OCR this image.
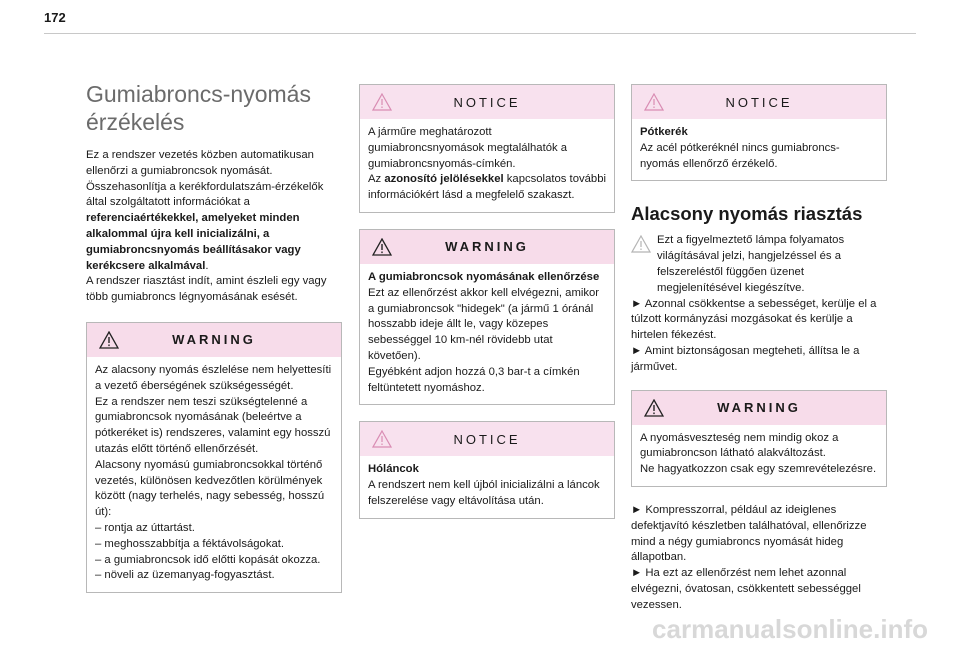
172
Gumiabroncs-nyomás
érzékelés

Ez a rendszer vezetés közben automatikusan ellenőrzi a gumiabroncsok nyomását.
Összehasonlítja a kerékfordulatszám-érzékelők által szolgáltatott információkat a referenciaértékekkel, amelyeket minden alkalommal újra kell inicializálni, a gumiabroncsnyomás beállításakor vagy kerékcsere alkalmával.
A rendszer riasztást indít, amint észleli egy vagy több gumiabroncs légnyomásának esését.

WARNING
Az alacsony nyomás észlelése nem helyettesíti a vezető éberségének szükségességét.
Ez a rendszer nem teszi szükségtelenné a gumiabroncsok nyomásának (beleértve a pótkeréket is) rendszeres, valamint egy hosszú utazás előtt történő ellenőrzését.
Alacsony nyomású gumiabroncsokkal történő vezetés, különösen kedvezőtlen körülmények között (nagy terhelés, nagy sebesség, hosszú út):
– rontja az úttartást.
– meghosszabbítja a féktávolságokat.
– a gumiabroncsok idő előtti kopását okozza.
– növeli az üzemanyag-fogyasztást.
NOTICE
A járműre meghatározott gumiabroncsnyomások megtalálhatók a gumiabroncsnyomás-címkén.
Az azonosító jelölésekkel kapcsolatos további információkért lásd a megfelelő szakaszt.
WARNING
A gumiabroncsok nyomásának ellenőrzése
Ezt az ellenőrzést akkor kell elvégezni, amikor a gumiabroncsok "hidegek" (a jármű 1 óránál hosszabb ideje állt le, vagy közepes sebességgel 10 km-nél rövidebb utat követően).
Egyébként adjon hozzá 0,3 bar-t a címkén feltüntetett nyomáshoz.
NOTICE
Hóláncok
A rendszert nem kell újból inicializálni a láncok felszerelése vagy eltávolítása után.
NOTICE
Pótkerék
Az acél pótkeréknél nincs gumiabroncs-nyomás ellenőrző érzékelő.
Alacsony nyomás riasztás
Ezt a figyelmeztető lámpa folyamatos világításával jelzi, hangjelzéssel és a felszereléstől függően üzenet megjelenítésével kiegészítve.
► Azonnal csökkentse a sebességet, kerülje el a túlzott kormányzási mozgásokat és kerülje a hirtelen fékezést.
► Amint biztonságosan megteheti, állítsa le a járművet.
WARNING
A nyomásveszteség nem mindig okoz a gumiabroncson látható alakváltozást.
Ne hagyatkozzon csak egy szemrevételezésre.
► Kompresszorral, például az ideiglenes defektjavító készletben találhatóval, ellenőrizze mind a négy gumiabroncs nyomását hideg állapotban.
► Ha ezt az ellenőrzést nem lehet azonnal elvégezni, óvatosan, csökkentett sebességgel vezessen.
carmanualsonline.info
